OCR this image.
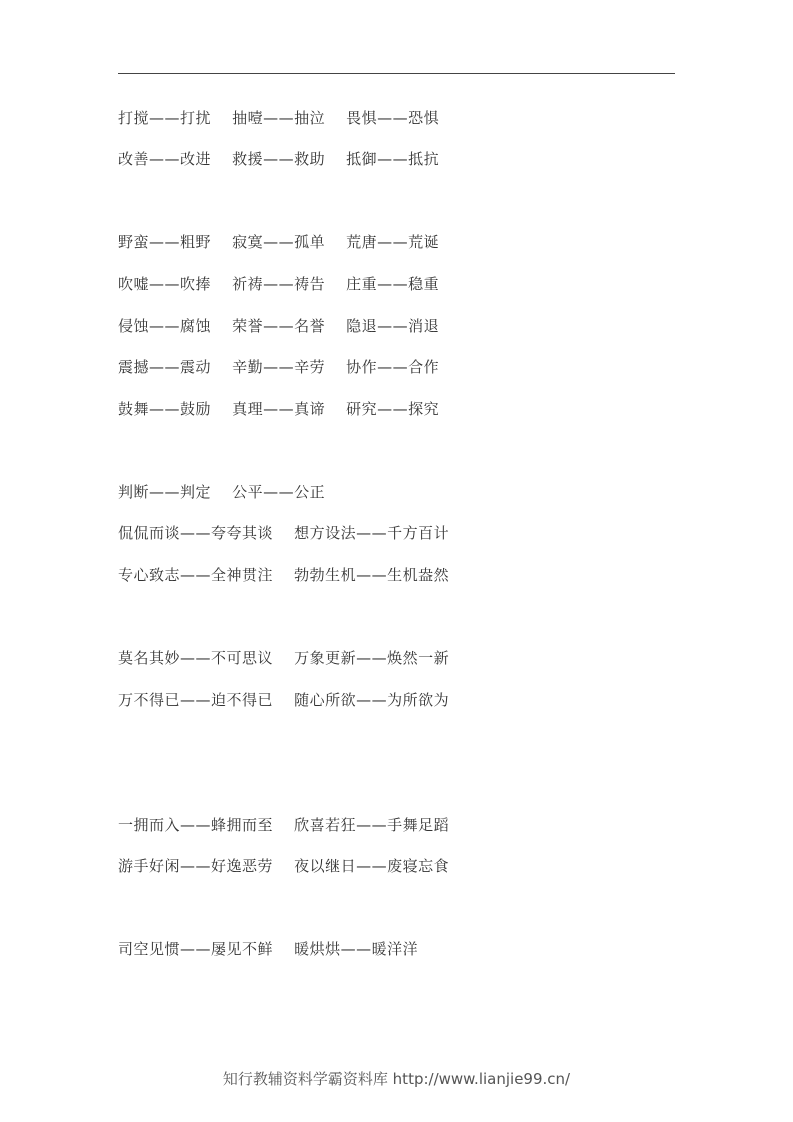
打搅——打扰    抽噎——抽泣    畏惧——恐惧
改善——改进    救援——救助    抵御——抵抗
野蛮——粗野    寂寞——孤单    荒唐——荒诞
吹嘘——吹捧    祈祷——祷告    庄重——稳重
侵蚀——腐蚀    荣誉——名誉    隐退——消退
震撼——震动    辛勤——辛劳    协作——合作
鼓舞——鼓励    真理——真谛    研究——探究
判断——判定    公平——公正
侃侃而谈——夸夸其谈    想方设法——千方百计
专心致志——全神贯注    勃勃生机——生机盎然
莫名其妙——不可思议    万象更新——焕然一新
万不得已——迫不得已    随心所欲——为所欲为
一拥而入——蜂拥而至    欣喜若狂——手舞足蹈
游手好闲——好逸恶劳    夜以继日——废寝忘食
司空见惯——屡见不鲜    暖烘烘——暖洋洋
知行教辅资料学霸资料库 http://www.lianjie99.cn/
